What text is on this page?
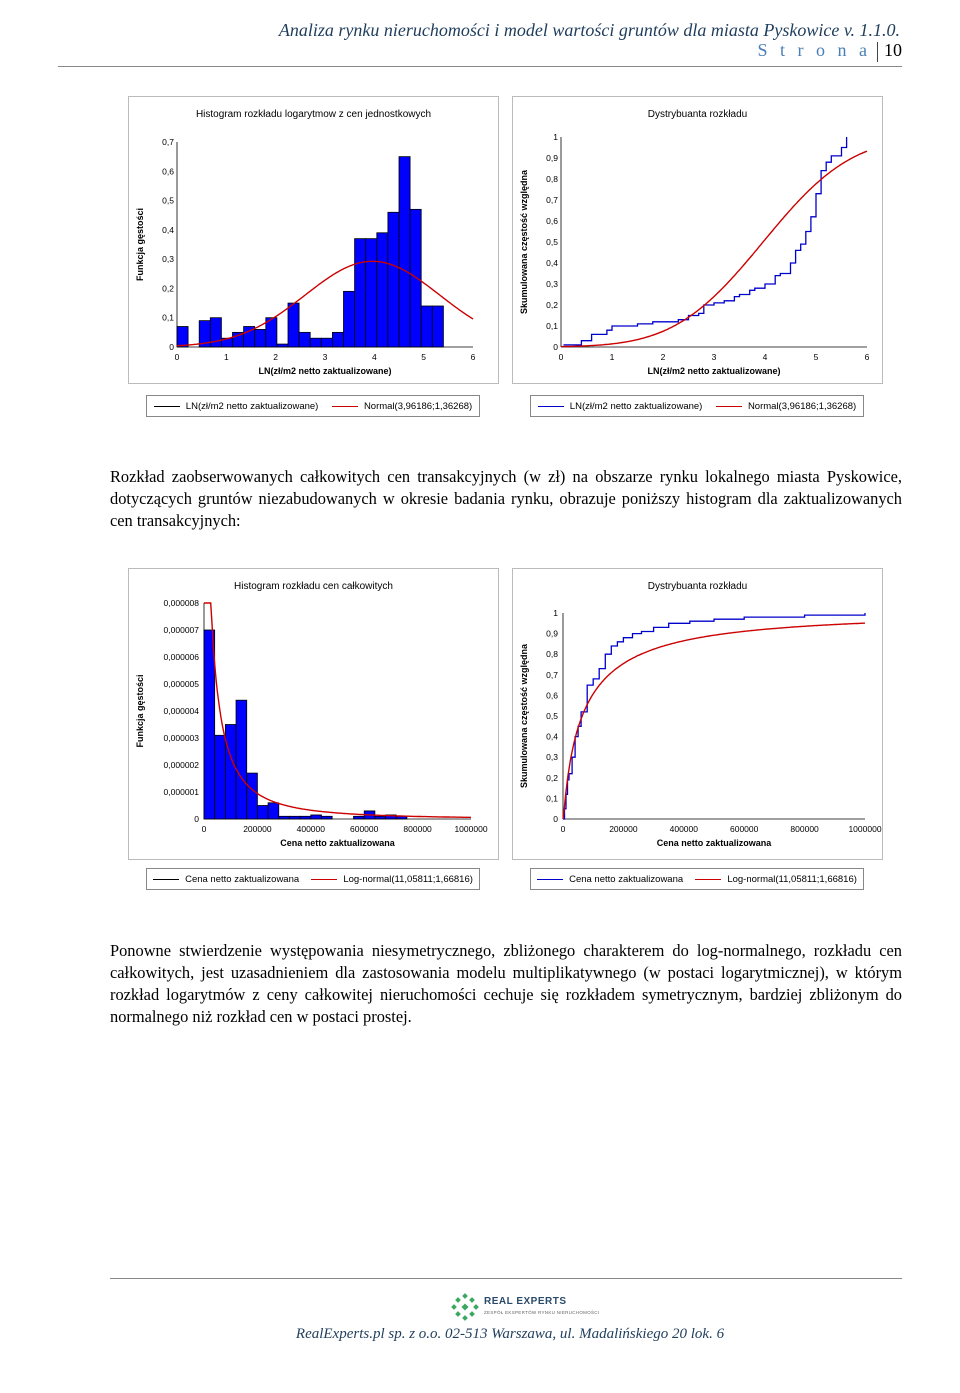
Analiza rynku nieruchomości i model wartości gruntów dla miasta Pyskowice v. 1.1.0.
S t r o n a 10
Histogram rozkładu logarytmow z cen jednostkowych
0
0,1
0,2
0,3
0,4
0,5
0,6
0,7
0	1	2	3	4	5	6
LN(zł/m2 netto zaktualizowane)
Funkcja gęstości
LN(zł/m2 netto zaktualizowane)	Normal(3,96186;1,36268)
Dystrybuanta rozkładu
0
0,1
0,2
0,3
0,4
0,5
0,6
0,7
0,8
0,9
1
0	1	2	3	4	5	6
LN(zł/m2 netto zaktualizowane)
Skumulowana częstość względna
LN(zł/m2 netto zaktualizowane)	Normal(3,96186;1,36268)
Rozkład zaobserwowanych całkowitych cen transakcyjnych (w zł) na obszarze rynku lokalnego miasta Pyskowice, dotyczących gruntów niezabudowanych w okresie badania rynku, obrazuje poniższy histogram dla zaktualizowanych cen transakcyjnych:
Histogram rozkładu cen całkowitych
0
0,000001
0,000002
0,000003
0,000004
0,000005
0,000006
0,000007
0,000008
0	200000	400000	600000	800000	1000000
Cena netto zaktualizowana
Funkcja gęstości
Cena netto zaktualizowana	Log-normal(11,05811;1,66816)
Dystrybuanta rozkładu
0
0,1
0,2
0,3
0,4
0,5
0,6
0,7
0,8
0,9
1
0	200000	400000	600000	800000	1000000
Cena netto zaktualizowana
Skumulowana częstość względna
Cena netto zaktualizowana	Log-normal(11,05811;1,66816)
Ponowne stwierdzenie występowania niesymetrycznego, zbliżonego charakterem do log-normalnego, rozkładu cen całkowitych, jest uzasadnieniem dla zastosowania modelu multiplikatywnego (w postaci logarytmicznej), w którym rozkład logarytmów z ceny całkowitej nieruchomości cechuje się rozkładem symetrycznym, bardziej zbliżonym do normalnego niż rozkład cen w postaci prostej.
REAL EXPERTS
ZESPÓŁ EKSPERTÓW RYNKU NIERUCHOMOŚCI
RealExperts.pl sp. z o.o. 02-513 Warszawa, ul. Madalińskiego 20 lok. 6
